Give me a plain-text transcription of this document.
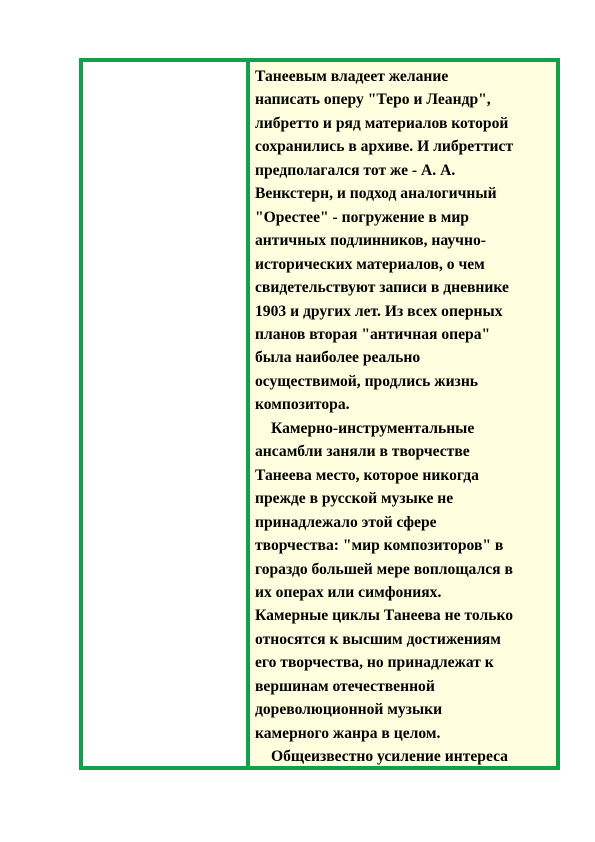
Танеевым владеет желание
написать оперу "Теро и Леандр",
либретто и ряд материалов которой
сохранились в архиве. И либреттист
предполагался тот же - А. А.
Венкстерн, и подход аналогичный
"Орестее" - погружение в мир
античных подлинников, научно-
исторических материалов, о чем
свидетельствуют записи в дневнике
1903 и других лет. Из всех оперных
планов вторая "античная опера"
была наиболее реально
осуществимой, продлись жизнь
композитора.
Камерно-инструментальные
ансамбли заняли в творчестве
Танеева место, которое никогда
прежде в русской музыке не
принадлежало этой сфере
творчества: "мир композиторов" в
гораздо большей мере воплощался в
их операх или симфониях.
Камерные циклы Танеева не только
относятся к высшим достижениям
его творчества, но принадлежат к
вершинам отечественной
дореволюционной музыки
камерного жанра в целом.
Общеизвестно усиление интереса
